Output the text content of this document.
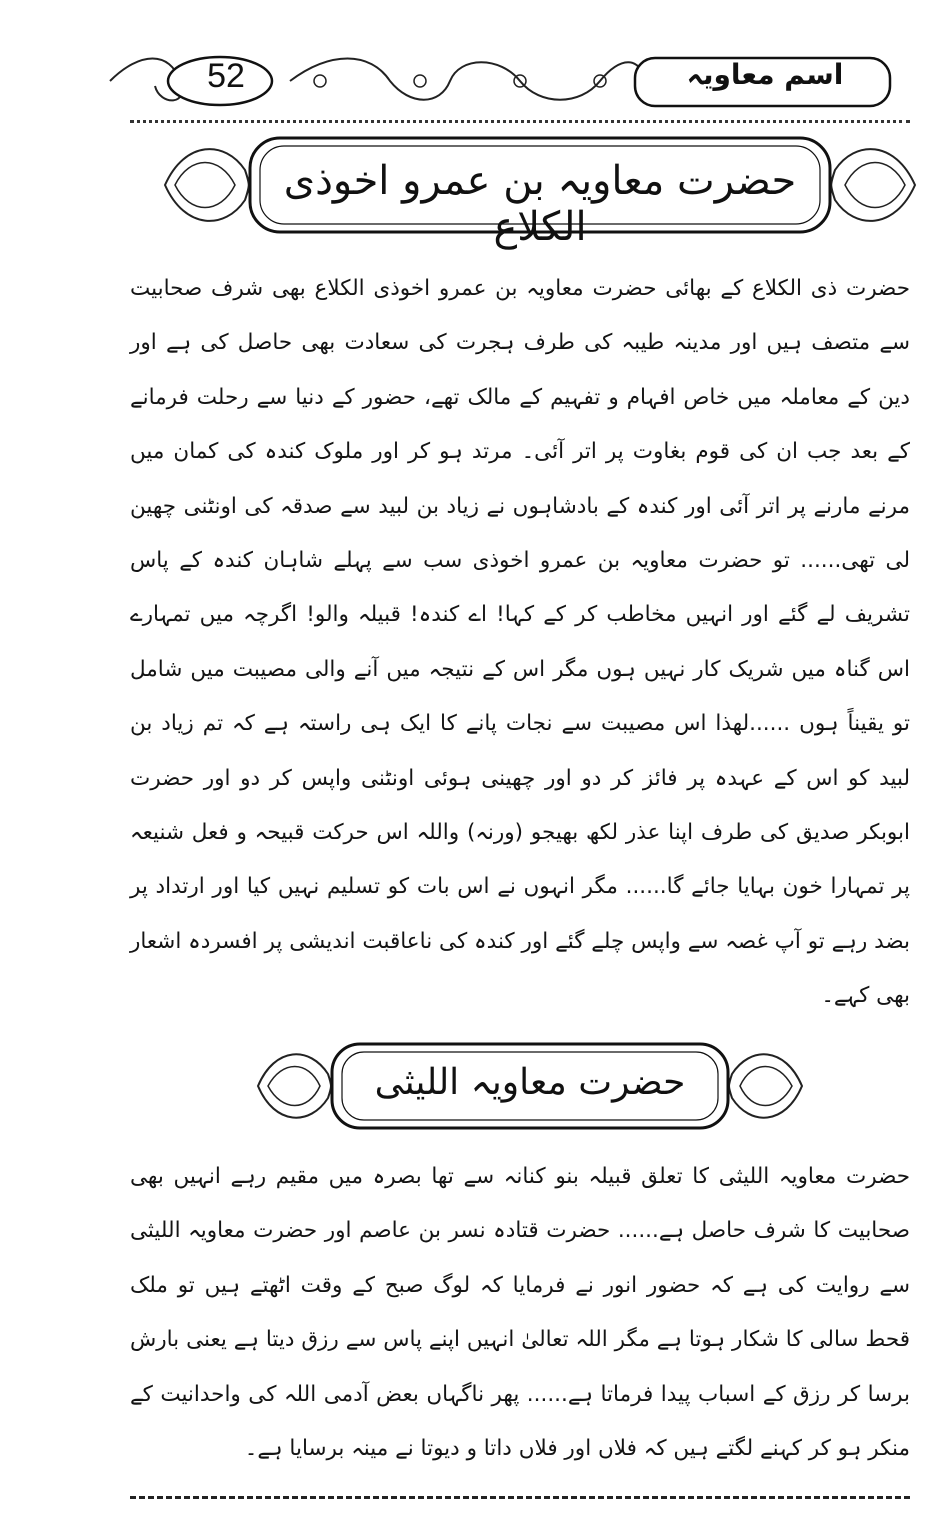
52	اسم معاویہ
حضرت معاویہ بن عمرو اخوذی الکلاع

حضرت ذی الکلاع کے بھائی حضرت معاویہ بن عمرو اخوذی الکلاع بھی شرف صحابیت سے متصف ہیں اور مدینہ طیبہ کی طرف ہجرت کی سعادت بھی حاصل کی ہے اور دین کے معاملہ میں خاص افہام و تفہیم کے مالک تھے، حضور کے دنیا سے رحلت فرمانے کے بعد جب ان کی قوم بغاوت پر اتر آئی۔ مرتد ہو کر اور ملوک کندہ کی کمان میں مرنے مارنے پر اتر آئی اور کندہ کے بادشاہوں نے زیاد بن لبید سے صدقہ کی اونٹنی چھین لی تھی...... تو حضرت معاویہ بن عمرو اخوذی سب سے پہلے شاہان کندہ کے پاس تشریف لے گئے اور انہیں مخاطب کر کے کہا! اے کندہ! قبیلہ والو! اگرچہ میں تمہارے اس گناہ میں شریک کار نہیں ہوں مگر اس کے نتیجہ میں آنے والی مصیبت میں شامل تو یقیناً ہوں ......لھذا اس مصیبت سے نجات پانے کا ایک ہی راستہ ہے کہ تم زیاد بن لبید کو اس کے عہدہ پر فائز کر دو اور چھینی ہوئی اونٹنی واپس کر دو اور حضرت ابوبکر صدیق کی طرف اپنا عذر لکھ بھیجو (ورنہ) واللہ اس حرکت قبیحہ و فعل شنیعہ پر تمہارا خون بہایا جائے گا...... مگر انہوں نے اس بات کو تسلیم نہیں کیا اور ارتداد پر بضد رہے تو آپ غصہ سے واپس چلے گئے اور کندہ کی ناعاقبت اندیشی پر افسردہ اشعار بھی کہے۔

حضرت معاویہ اللیثی

حضرت معاویہ اللیثی کا تعلق قبیلہ بنو کنانہ سے تھا بصرہ میں مقیم رہے انہیں بھی صحابیت کا شرف حاصل ہے...... حضرت قتادہ نسر بن عاصم اور حضرت معاویہ اللیثی سے روایت کی ہے کہ حضور انور نے فرمایا کہ لوگ صبح کے وقت اٹھتے ہیں تو ملک قحط سالی کا شکار ہوتا ہے مگر اللہ تعالیٰ انہیں اپنے پاس سے رزق دیتا ہے یعنی بارش برسا کر رزق کے اسباب پیدا فرماتا ہے...... پھر ناگہاں بعض آدمی اللہ کی واحدانیت کے منکر ہو کر کہنے لگتے ہیں کہ فلاں اور فلاں داتا و دیوتا نے مینہ برسایا ہے۔
